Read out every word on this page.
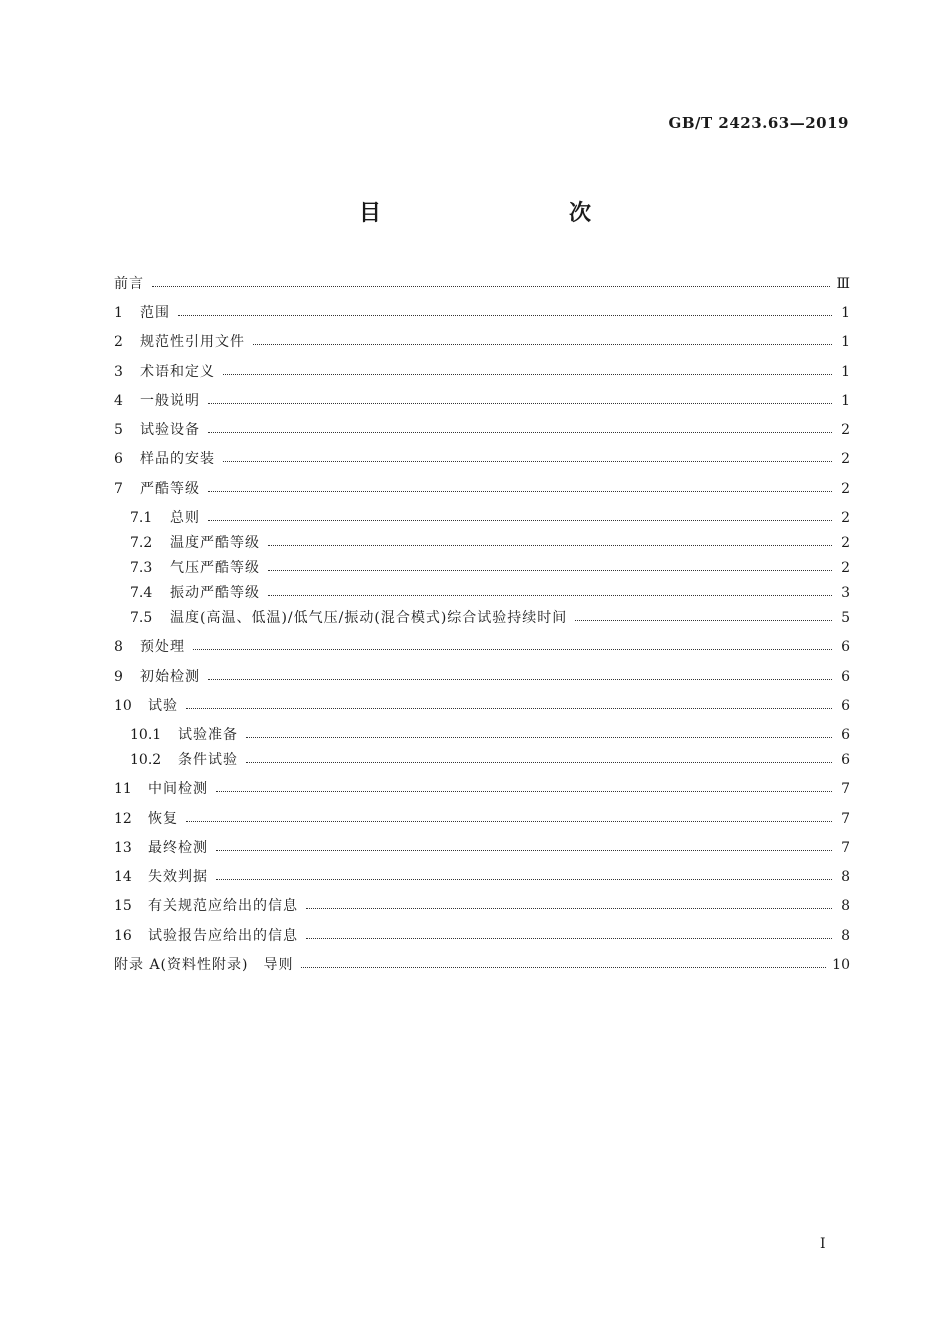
GB/T 2423.63—2019
目　　次
前言	Ⅲ
1	范围	1
2	规范性引用文件	1
3	术语和定义	1
4	一般说明	1
5	试验设备	2
6	样品的安装	2
7	严酷等级	2
7.1	总则	2
7.2	温度严酷等级	2
7.3	气压严酷等级	2
7.4	振动严酷等级	3
7.5	温度(高温、低温)/低气压/振动(混合模式)综合试验持续时间	5
8	预处理	6
9	初始检测	6
10	试验	6
10.1	试验准备	6
10.2	条件试验	6
11	中间检测	7
12	恢复	7
13	最终检测	7
14	失效判据	8
15	有关规范应给出的信息	8
16	试验报告应给出的信息	8
附录 A(资料性附录)　导则	10
Ⅰ
